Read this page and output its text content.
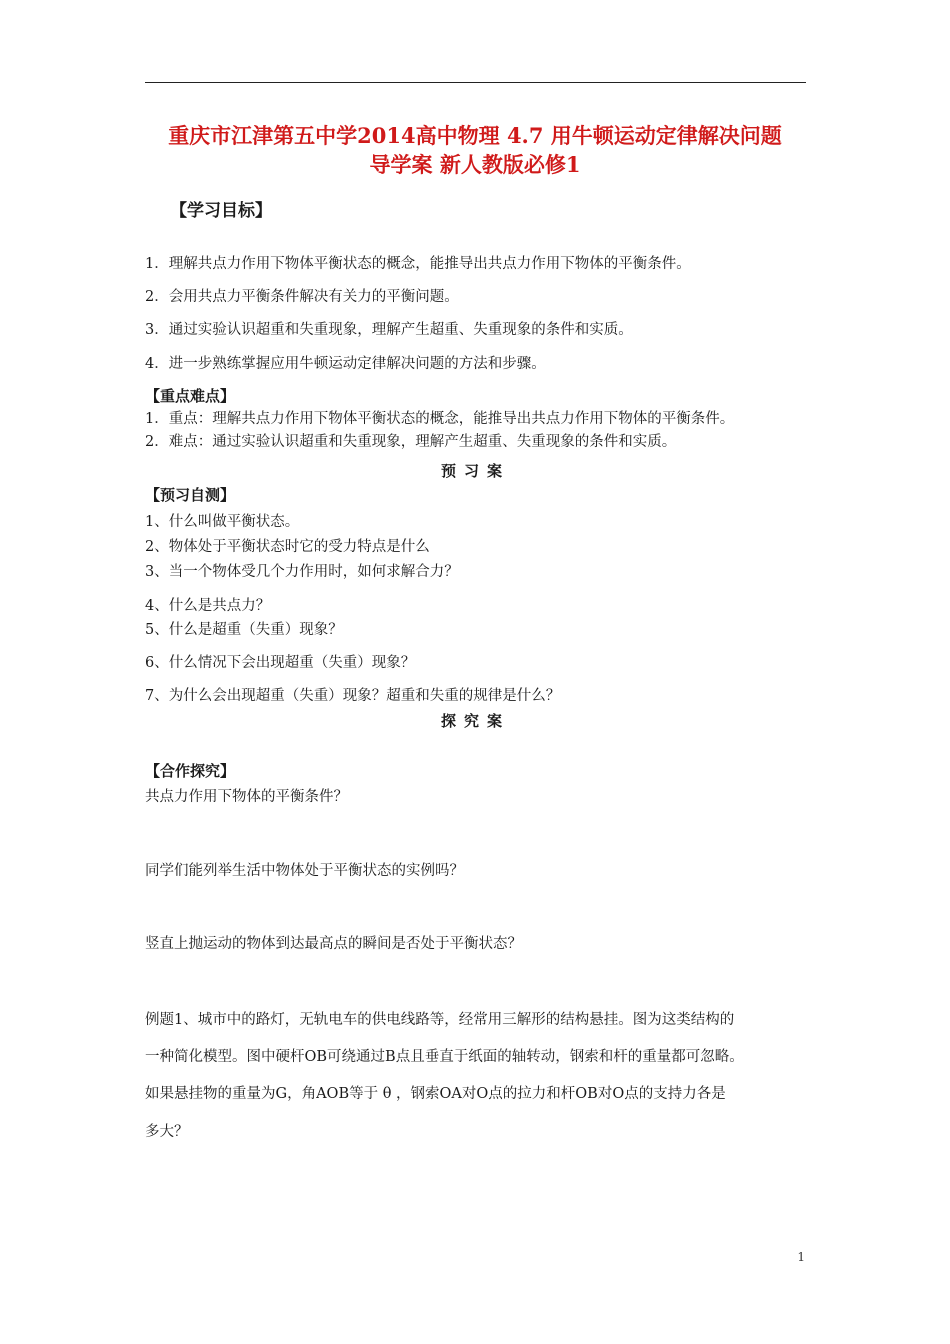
重庆市江津第五中学2014高中物理 4.7 用牛顿运动定律解决问题
导学案 新人教版必修1
【学习目标】
1．理解共点力作用下物体平衡状态的概念，能推导出共点力作用下物体的平衡条件。
2．会用共点力平衡条件解决有关力的平衡问题。
3．通过实验认识超重和失重现象，理解产生超重、失重现象的条件和实质。
4．进一步熟练掌握应用牛顿运动定律解决问题的方法和步骤。
【重点难点】
1．重点：理解共点力作用下物体平衡状态的概念，能推导出共点力作用下物体的平衡条件。
2．难点：通过实验认识超重和失重现象，理解产生超重、失重现象的条件和实质。
预习案
【预习自测】
1、什么叫做平衡状态。
2、物体处于平衡状态时它的受力特点是什么
3、当一个物体受几个力作用时，如何求解合力？
4、什么是共点力？
5、什么是超重（失重）现象？
6、什么情况下会出现超重（失重）现象？
7、为什么会出现超重（失重）现象？超重和失重的规律是什么？
探究案
【合作探究】
共点力作用下物体的平衡条件？
同学们能列举生活中物体处于平衡状态的实例吗？
竖直上抛运动的物体到达最高点的瞬间是否处于平衡状态？
例题1、城市中的路灯，无轨电车的供电线路等，经常用三解形的结构悬挂。图为这类结构的
一种简化模型。图中硬杆OB可绕通过B点且垂直于纸面的轴转动，钢索和杆的重量都可忽略。
如果悬挂物的重量为G，角AOB等于 θ ，钢索OA对O点的拉力和杆OB对O点的支持力各是
多大？
1
